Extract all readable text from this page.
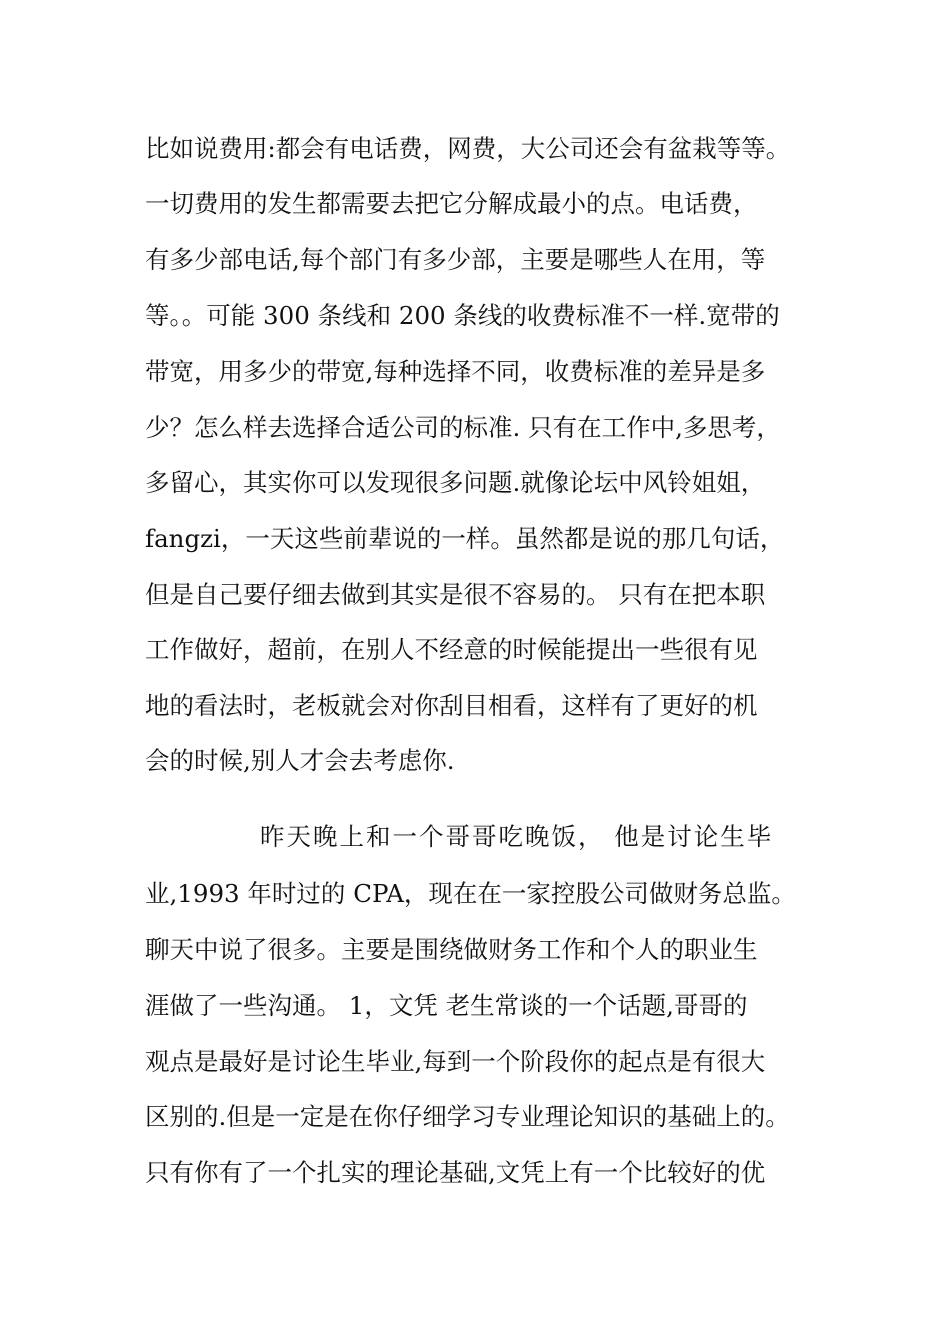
比如说费用:都会有电话费，网费，大公司还会有盆栽等等。
一切费用的发生都需要去把它分解成最小的点。电话费，
有多少部电话,每个部门有多少部，主要是哪些人在用，等
等。。可能 300 条线和 200 条线的收费标准不一样.宽带的
带宽，用多少的带宽,每种选择不同，收费标准的差异是多
少？怎么样去选择合适公司的标准. 只有在工作中,多思考，
多留心，其实你可以发现很多问题.就像论坛中风铃姐姐，
fangzi，一天这些前辈说的一样。虽然都是说的那几句话，
但是自己要仔细去做到其实是很不容易的。 只有在把本职
工作做好，超前，在别人不经意的时候能提出一些很有见
地的看法时，老板就会对你刮目相看，这样有了更好的机
会的时候,别人才会去考虑你.
昨天晚上和一个哥哥吃晚饭， 他是讨论生毕
业,1993 年时过的 CPA，现在在一家控股公司做财务总监。
聊天中说了很多。主要是围绕做财务工作和个人的职业生
涯做了一些沟通。 1，文凭 老生常谈的一个话题,哥哥的
观点是最好是讨论生毕业,每到一个阶段你的起点是有很大
区别的.但是一定是在你仔细学习专业理论知识的基础上的。
只有你有了一个扎实的理论基础,文凭上有一个比较好的优
